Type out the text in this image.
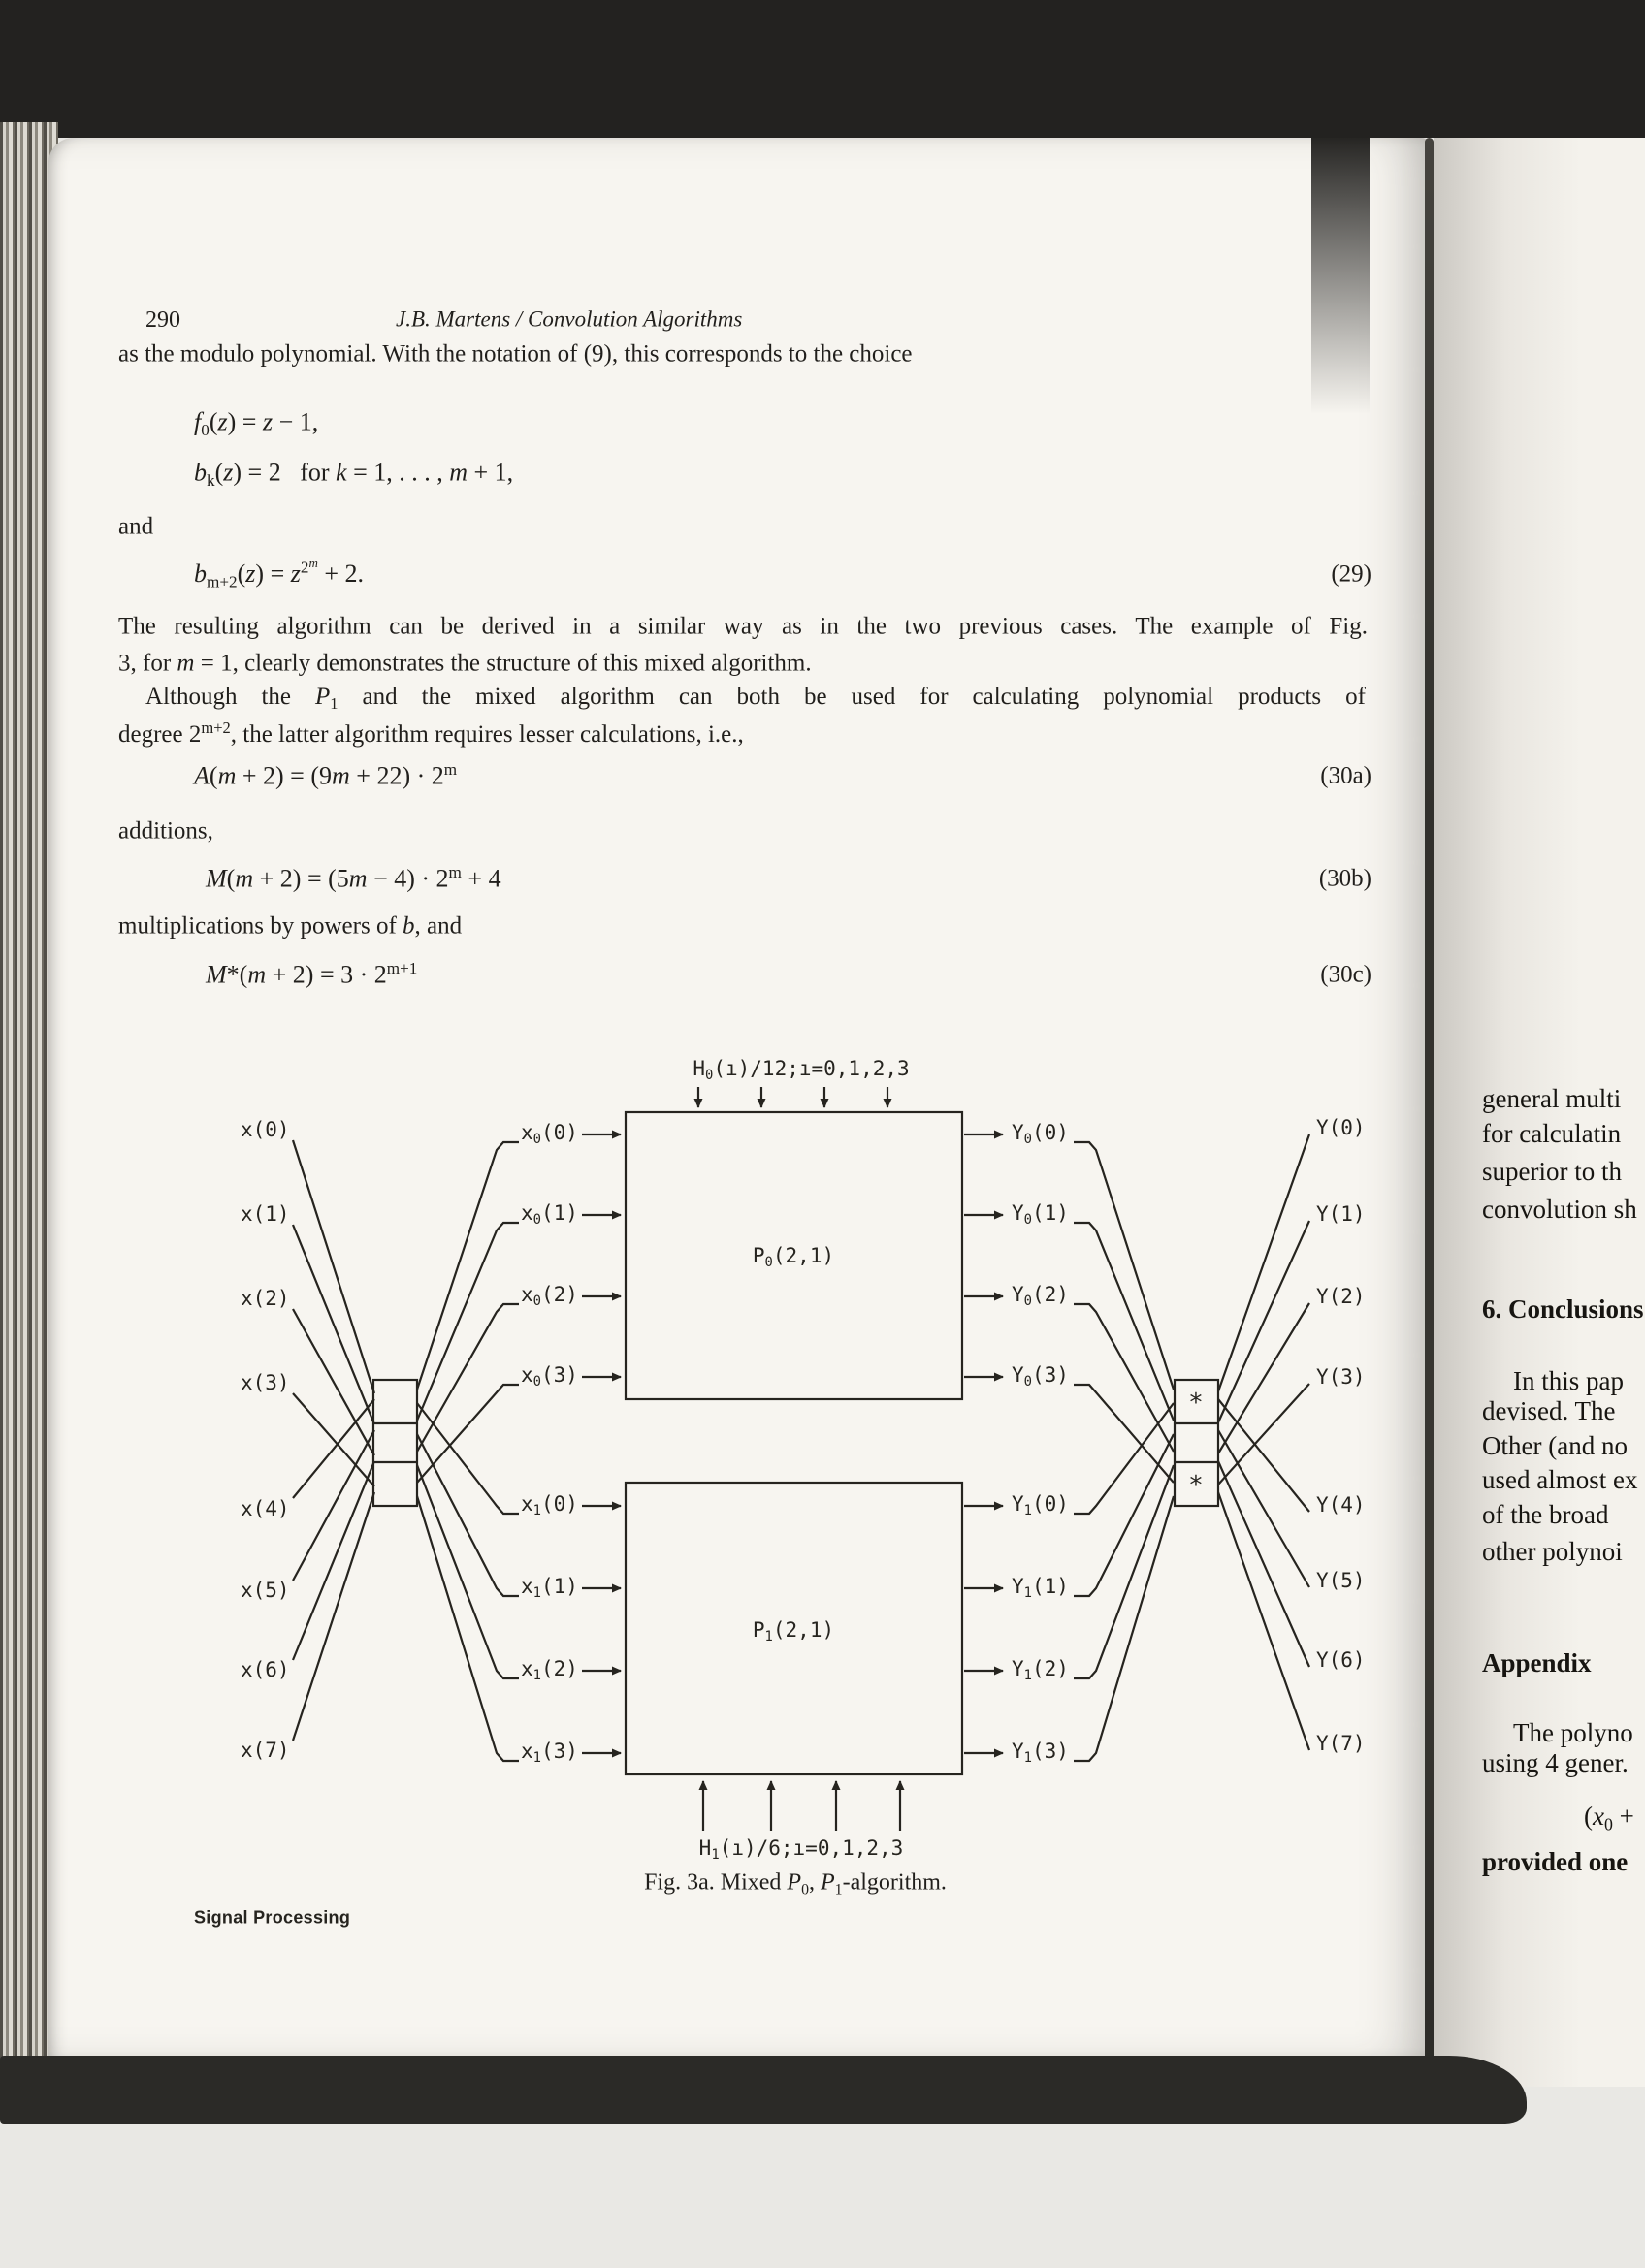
290	J.B. Martens / Convolution Algorithms
as the modulo polynomial. With the notation of (9), this corresponds to the choice
f0(z) = z − 1,
bk(z) = 2   for k = 1, . . . , m + 1,
and
$bm+2(z) = z^{2m} + 2$.	(29)
The resulting algorithm can be derived in a similar way as in the two previous cases. The example of Fig.
3, for m = 1, clearly demonstrates the structure of this mixed algorithm.
Although the P1 and the mixed algorithm can both be used for calculating polynomial products of
degree $2^{m+2}$, the latter algorithm requires lesser calculations, i.e.,
$A(m + 2) = (9m + 22) \cdot 2^m$	(30a)
additions,
$M(m + 2) = (5m - 4) \cdot 2^m + 4$	(30b)
multiplications by powers of b, and
$M*(m + 2) = 3 \cdot 2^{m+1}$	(30c)
H0(ı)/12;ı=0,1,2,3
H1(ı)/6;ı=0,1,2,3
P0(2,1)
P1(2,1)
x(0)
x(1)
x(2)
x(3)
x(4)
x(5)
x(6)
x(7)
x0(0)
x0(1)
x0(2)
x0(3)
x1(0)
x1(1)
x1(2)
x1(3)
Y0(0)
Y0(1)
Y0(2)
Y0(3)
Y1(0)
Y1(1)
Y1(2)
Y1(3)
Y(0)
Y(1)
Y(2)
Y(3)
Y(4)
Y(5)
Y(6)
Y(7)
*
*
Fig. 3a. Mixed P0, P1-algorithm.
Signal Processing
general multi
for calculatin
superior to th
convolution sh
6. Conclusions
In this pap
devised. The
Other (and no
used almost ex
of the broad
other polynoi
Appendix
The polyno
using 4 gener.
(x0 +
provided one
